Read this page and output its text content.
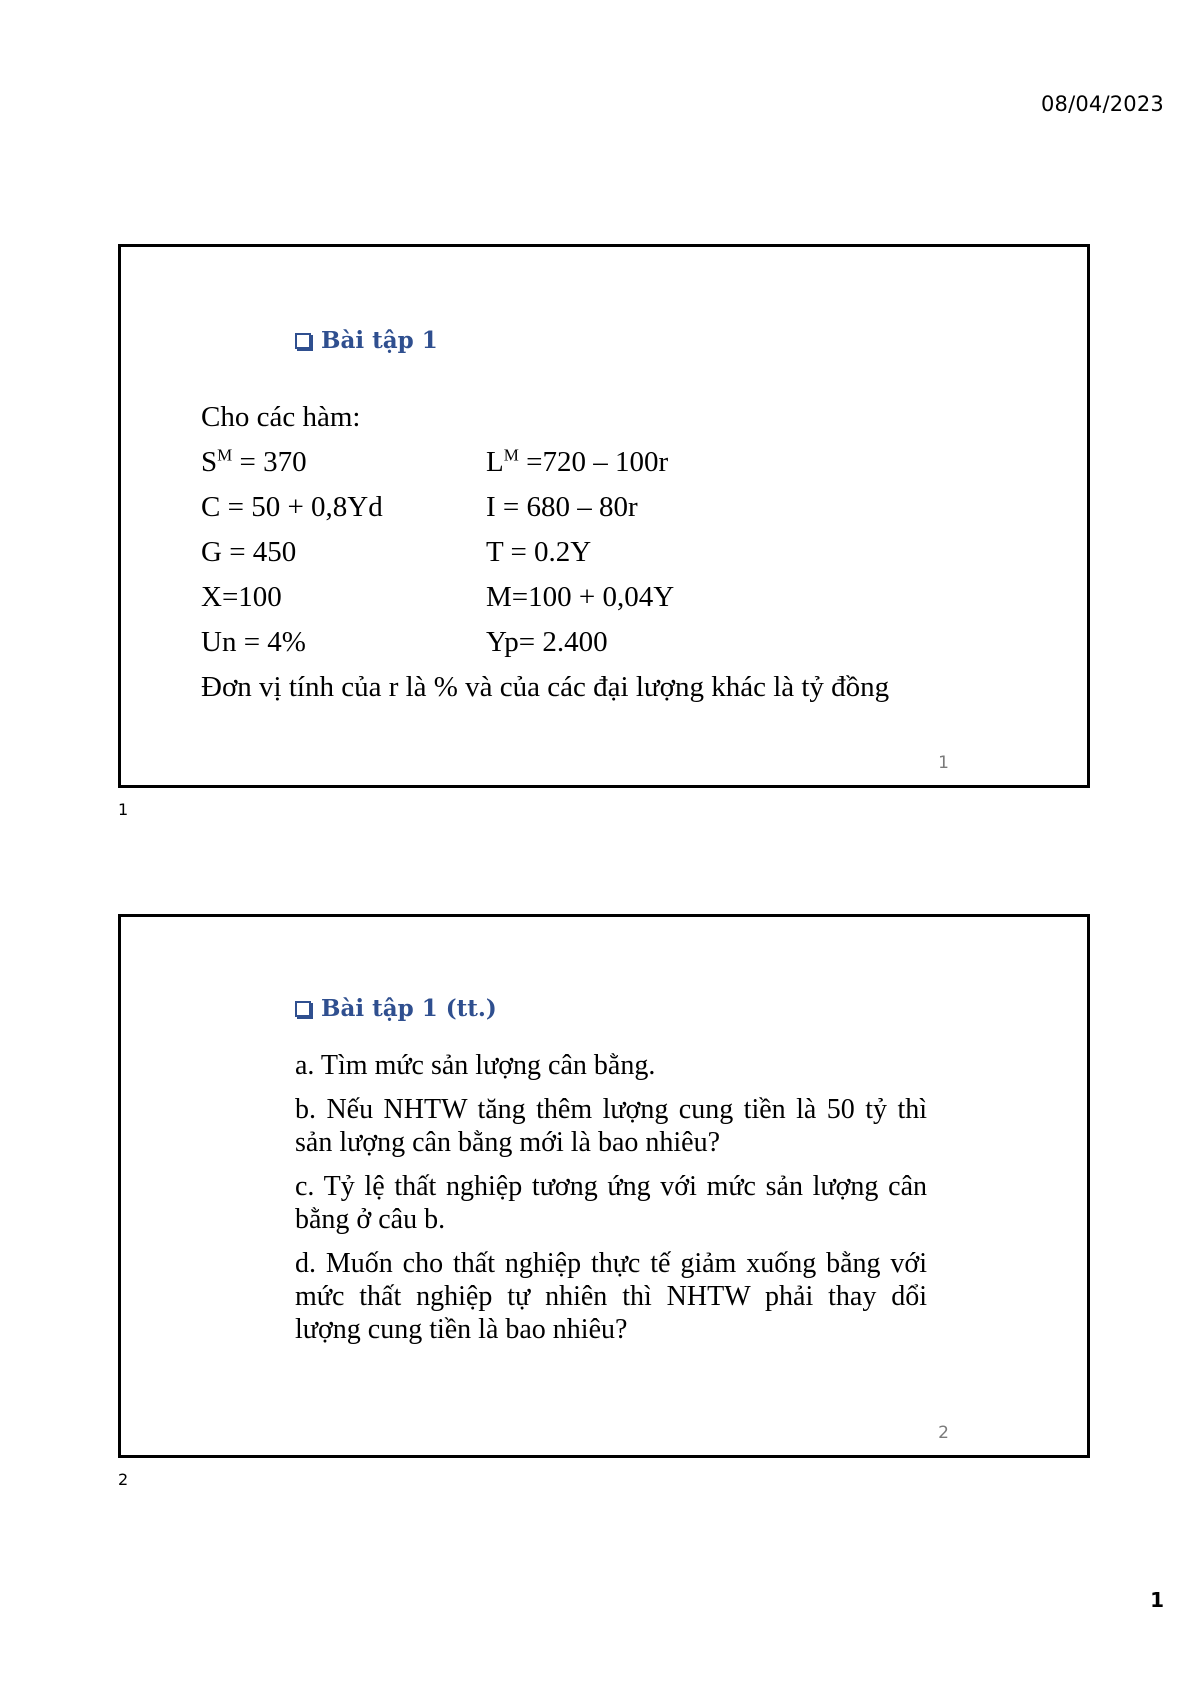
08/04/2023
Bài tập 1
Cho các hàm:
$S^M = 370$	$L^M =720 - 100r$
C = 50 + 0,8Yd	I = 680 – 80r
G = 450	T = 0.2Y
X=100	M=100 + 0,04Y
Un = 4%	Yp= 2.400
Đơn vị tính của r là % và của các đại lượng khác là tỷ đồng
1
1
Bài tập 1 (tt.)
a. Tìm mức sản lượng cân bằng.
b. Nếu NHTW tăng thêm lượng cung tiền là 50 tỷ thì sản lượng cân bằng mới là bao nhiêu?
c. Tỷ lệ thất nghiệp tương ứng với mức sản lượng cân bằng ở câu b.
d. Muốn cho thất nghiệp thực tế giảm xuống bằng với mức thất nghiệp tự nhiên thì NHTW phải thay dổi lượng cung tiền là bao nhiêu?
2
2
1
